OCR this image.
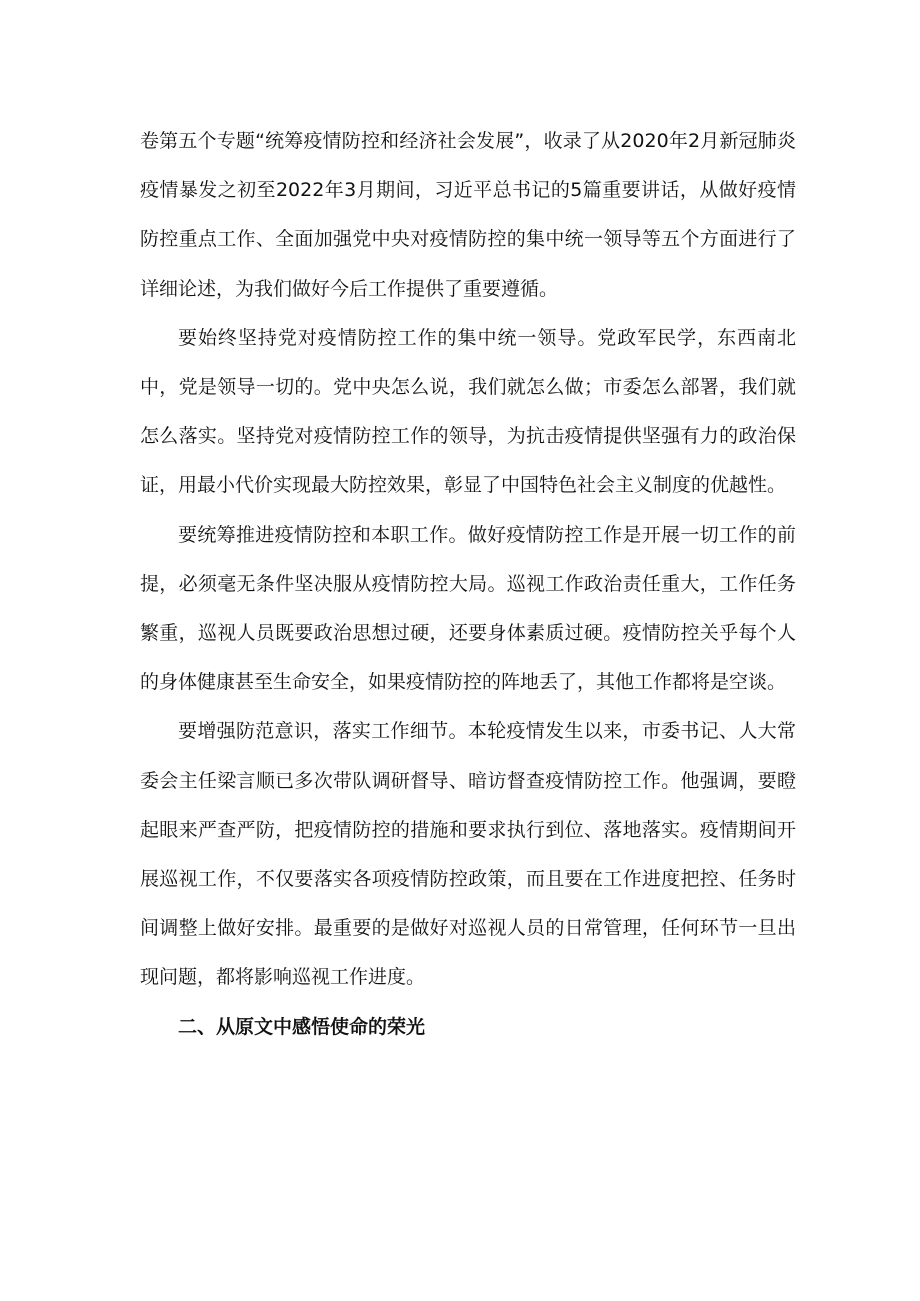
卷第五个专题“统筹疫情防控和经济社会发展”，收录了从2020年2月新冠肺炎疫情暴发之初至2022年3月期间，习近平总书记的5篇重要讲话，从做好疫情防控重点工作、全面加强党中央对疫情防控的集中统一领导等五个方面进行了详细论述，为我们做好今后工作提供了重要遵循。

要始终坚持党对疫情防控工作的集中统一领导。党政军民学，东西南北中，党是领导一切的。党中央怎么说，我们就怎么做；市委怎么部署，我们就怎么落实。坚持党对疫情防控工作的领导，为抗击疫情提供坚强有力的政治保证，用最小代价实现最大防控效果，彰显了中国特色社会主义制度的优越性。

要统筹推进疫情防控和本职工作。做好疫情防控工作是开展一切工作的前提，必须毫无条件坚决服从疫情防控大局。巡视工作政治责任重大，工作任务繁重，巡视人员既要政治思想过硬，还要身体素质过硬。疫情防控关乎每个人的身体健康甚至生命安全，如果疫情防控的阵地丢了，其他工作都将是空谈。

要增强防范意识，落实工作细节。本轮疫情发生以来，市委书记、人大常委会主任梁言顺已多次带队调研督导、暗访督查疫情防控工作。他强调，要瞪起眼来严查严防，把疫情防控的措施和要求执行到位、落地落实。疫情期间开展巡视工作，不仅要落实各项疫情防控政策，而且要在工作进度把控、任务时间调整上做好安排。最重要的是做好对巡视人员的日常管理，任何环节一旦出现问题，都将影响巡视工作进度。

二、从原文中感悟使命的荣光
